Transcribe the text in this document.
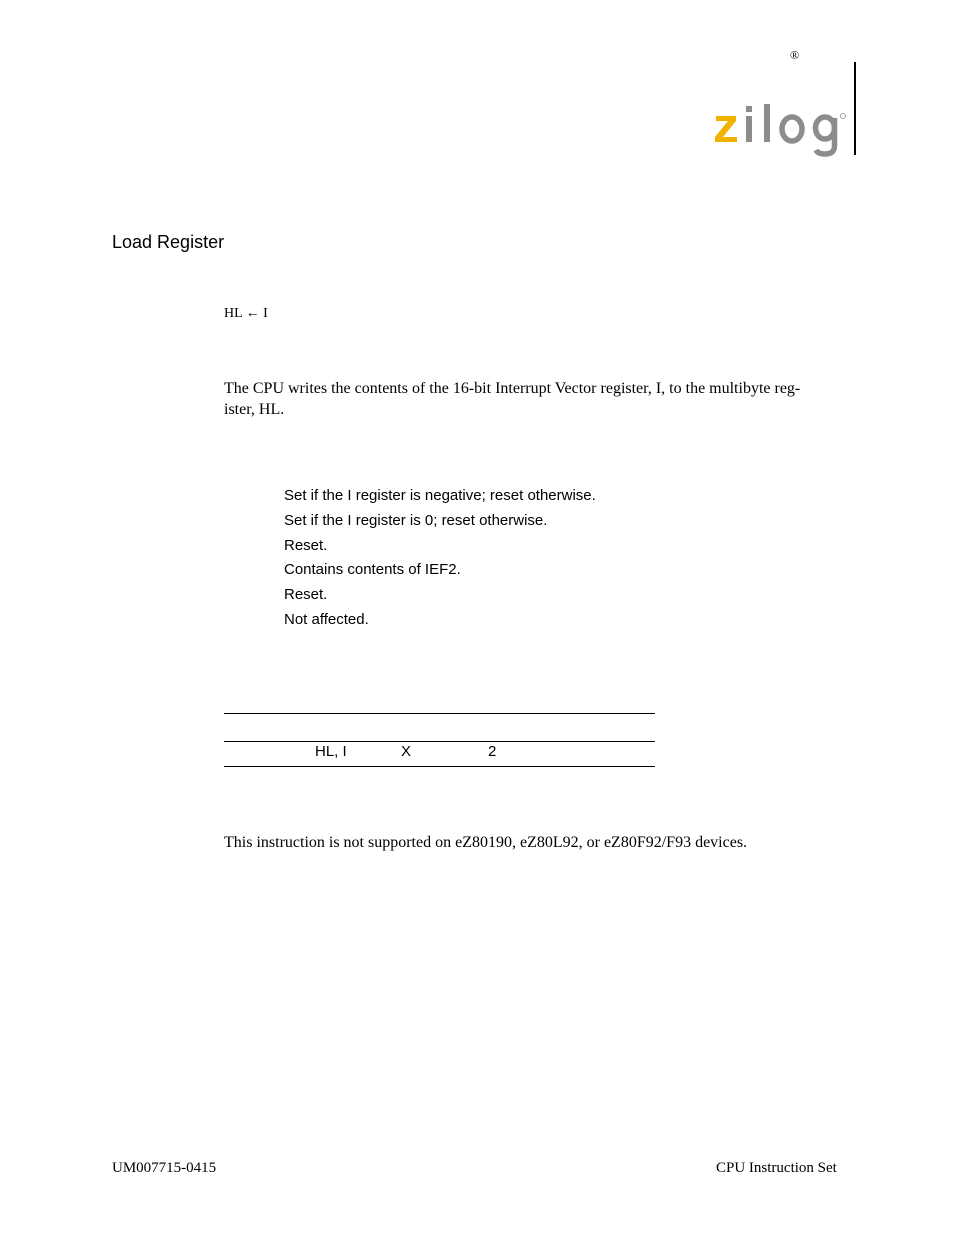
®
Load Register
HL ← I
The CPU writes the contents of the 16-bit Interrupt Vector register, I, to the multibyte reg-
ister, HL.
Set if the I register is negative; reset otherwise.
Set if the I register is 0; reset otherwise.
Reset.
Contains contents of IEF2.
Reset.
Not affected.
HL, I	X	2
This instruction is not supported on eZ80190, eZ80L92, or eZ80F92/F93 devices.
UM007715-0415	CPU Instruction Set
